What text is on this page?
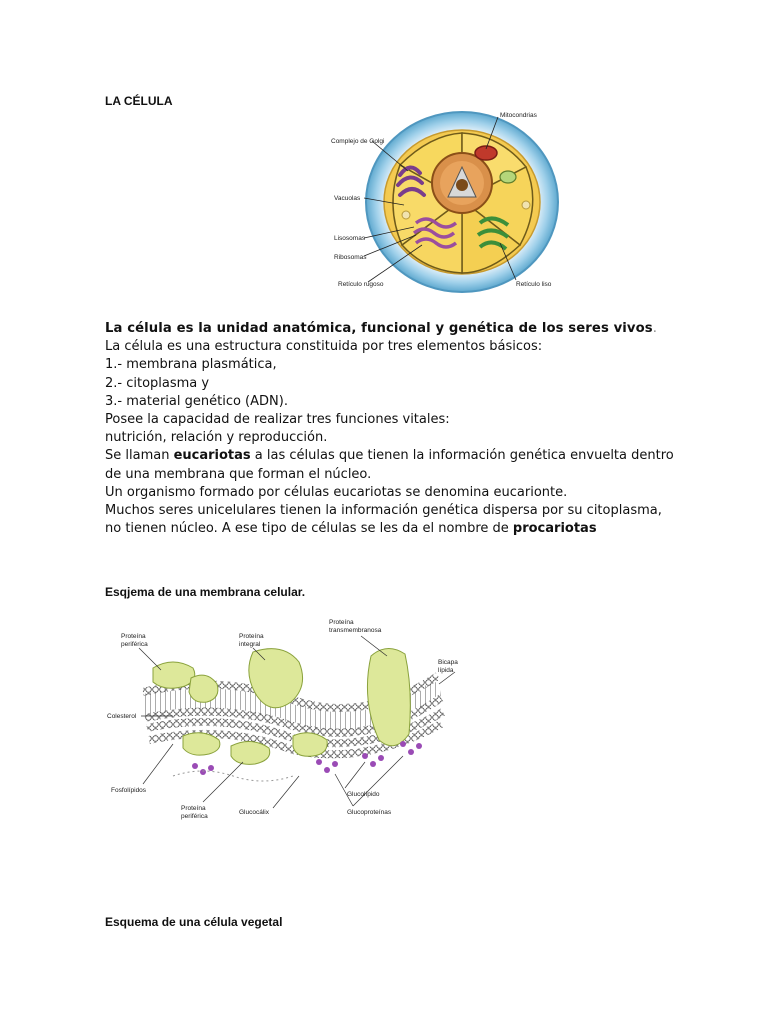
LA CÉLULA
Complejo de Golgi
Mitocondrias
Vacuolas
Lisosomas
Ribosomas
Retículo rugoso	Retículo liso

La célula es la unidad anatómica, funcional y genética de los seres vivos.

La célula es una estructura constituida por tres elementos básicos:

1.- membrana plasmática,

2.- citoplasma y

3.- material genético (ADN).

Posee la capacidad de realizar tres funciones vitales:

nutrición, relación y reproducción.

Se llaman eucariotas a las células que tienen la información genética envuelta dentro

de una membrana que forman el núcleo.

Un organismo formado por células eucariotas se denomina eucarionte.

Muchos seres unicelulares tienen la información genética dispersa por su citoplasma,

no tienen núcleo. A ese tipo de células se les da el nombre de procariotas

Esqjema de una membrana celular.
Proteína
periférica
Proteína
integral
Proteína
transmembranosa
Bicapa
lípida
Colesterol
Fosfolípidos
Proteína
periférica
Glucocálix
Glucolípido
Glucoproteínas
Esquema de una célula vegetal
